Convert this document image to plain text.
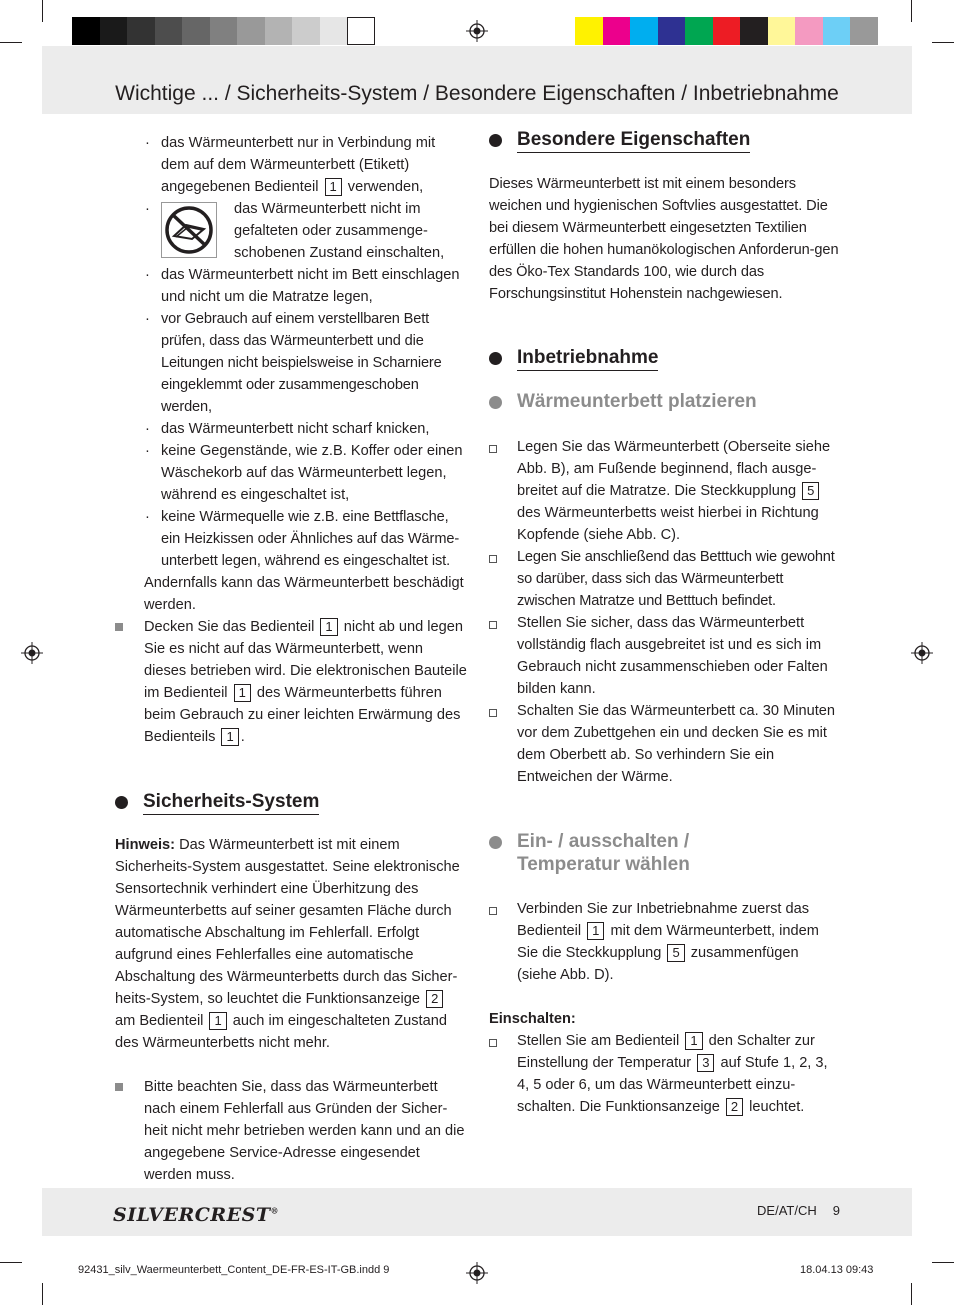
Wichtige ... / Sicherheits-System / Besondere Eigenschaften / Inbetriebnahme
· das Wärmeunterbett nur in Verbindung mit dem auf dem Wärmeunterbett (Etikett) angegebenen Bedienteil 1 verwenden,
·	das Wärmeunterbett nicht im gefalteten oder zusammenge-schobenen Zustand einschalten,
· das Wärmeunterbett nicht im Bett einschlagen und nicht um die Matratze legen,
· vor Gebrauch auf einem verstellbaren Bett prüfen, dass das Wärmeunterbett und die Leitungen nicht beispielsweise in Scharniere eingeklemmt oder zusammengeschoben werden,
· das Wärmeunterbett nicht scharf knicken,
· keine Gegenstände, wie z.B. Koffer oder einen Wäschekorb auf das Wärmeunterbett legen, während es eingeschaltet ist,
· keine Wärmequelle wie z.B. eine Bettflasche, ein Heizkissen oder Ähnliches auf das Wärme-unterbett legen, während es eingeschaltet ist.

Andernfalls kann das Wärmeunterbett beschädigt werden.

Decken Sie das Bedienteil 1 nicht ab und legen Sie es nicht auf das Wärmeunterbett, wenn dieses betrieben wird. Die elektronischen Bauteile im Bedienteil 1 des Wärmeunterbetts führen beim Gebrauch zu einer leichten Erwärmung des Bedienteils 1 .

Sicherheits-System

Hinweis: Das Wärmeunterbett ist mit einem Sicherheits-System ausgestattet. Seine elektronische Sensortechnik verhindert eine Überhitzung des Wärmeunterbetts auf seiner gesamten Fläche durch automatische Abschaltung im Fehlerfall. Erfolgt aufgrund eines Fehlerfalles eine automatische Abschaltung des Wärmeunterbetts durch das Sicher-heits-System, so leuchtet die Funktionsanzeige 2 am Bedienteil 1 auch im eingeschalteten Zustand des Wärmeunterbetts nicht mehr.

Bitte beachten Sie, dass das Wärmeunterbett nach einem Fehlerfall aus Gründen der Sicher-heit nicht mehr betrieben werden kann und an die angegebene Service-Adresse eingesendet werden muss.

Besondere Eigenschaften

Dieses Wärmeunterbett ist mit einem besonders weichen und hygienischen Softvlies ausgestattet. Die bei diesem Wärmeunterbett eingesetzten Textilien erfüllen die hohen humanökologischen Anforderun-gen des Öko-Tex Standards 100, wie durch das Forschungsinstitut Hohenstein nachgewiesen.

Inbetriebnahme

Wärmeunterbett platzieren

Legen Sie das Wärmeunterbett (Oberseite siehe Abb. B), am Fußende beginnend, flach ausge-breitet auf die Matratze. Die Steckkupplung 5 des Wärmeunterbetts weist hierbei in Richtung Kopfende (siehe Abb. C).

Legen Sie anschließend das Betttuch wie gewohnt so darüber, dass sich das Wärmeunterbett zwischen Matratze und Betttuch befindet.

Stellen Sie sicher, dass das Wärmeunterbett vollständig flach ausgebreitet ist und es sich im Gebrauch nicht zusammenschieben oder Falten bilden kann.

Schalten Sie das Wärmeunterbett ca. 30 Minuten vor dem Zubettgehen ein und decken Sie es mit dem Oberbett ab. So verhindern Sie ein Entweichen der Wärme.

Ein- / ausschalten /
Temperatur wählen

Verbinden Sie zur Inbetriebnahme zuerst das Bedienteil 1 mit dem Wärmeunterbett, indem Sie die Steckkupplung 5 zusammenfügen (siehe Abb. D).

Einschalten:

Stellen Sie am Bedienteil 1 den Schalter zur Einstellung der Temperatur 3 auf Stufe 1, 2, 3, 4, 5 oder 6, um das Wärmeunterbett einzu-schalten. Die Funktionsanzeige 2 leuchtet.

SILVERCREST®	DE/AT/CH 9
92431_silv_Waermeunterbett_Content_DE-FR-ES-IT-GB.indd 9	18.04.13 09:43
